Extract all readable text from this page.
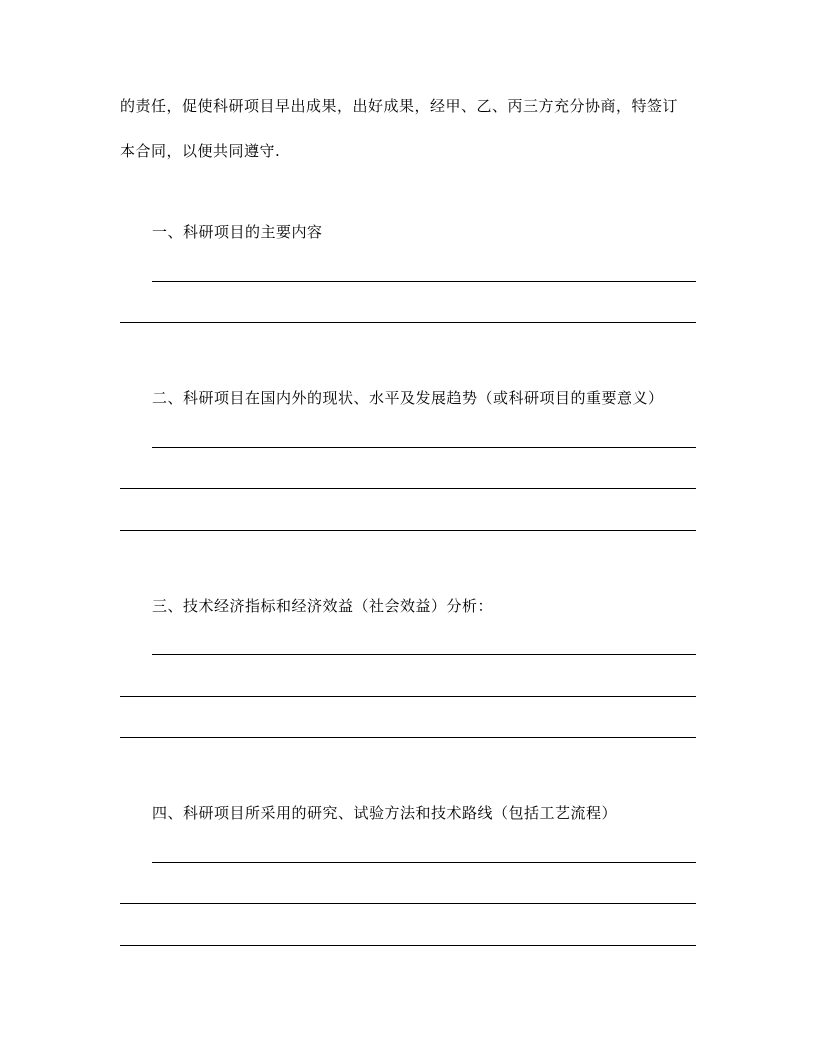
的责任，促使科研项目早出成果，出好成果，经甲、乙、丙三方充分协商，特签订
本合同，以便共同遵守.
一、科研项目的主要内容
二、科研项目在国内外的现状、水平及发展趋势（或科研项目的重要意义）
三、技术经济指标和经济效益（社会效益）分析：
四、科研项目所采用的研究、试验方法和技术路线（包括工艺流程）
